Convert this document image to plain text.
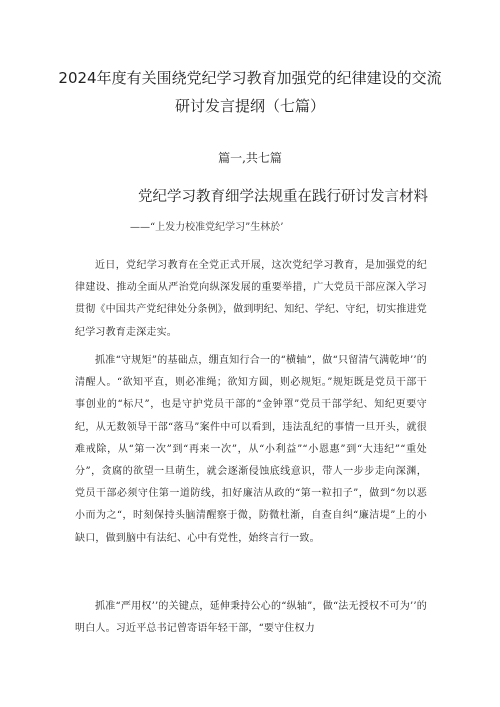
2024年度有关围绕党纪学习教育加强党的纪律建设的交流研讨发言提纲（七篇）
篇一,共七篇
党纪学习教育细学法规重在践行研讨发言材料
——“上发力校准党纪学习”生林於’

近日，党纪学习教育在全党正式开展，这次党纪学习教育，是加强党的纪律建设、推动全面从严治党向纵深发展的重要举措，广大党员干部应深入学习贯彻《中国共产党纪律处分条例》，做到明纪、知纪、学纪、守纪，切实推进党纪学习教育走深走实。

抓准“守规矩”的基础点，绷直知行合一的“横轴”，做“只留清气满乾坤’’的清醒人。“欲知平直，则必准绳；欲知方圆，则必规矩。”规矩既是党员干部干事创业的“标尺”，也是守护党员干部的“金钟罩”党员干部学纪、知纪更要守纪，从无数领导干部“落马”案件中可以看到，违法乱纪的事情一旦开头，就很难戒除，从“第一次”到“再来一次”，从“小利益”“小恩惠”到“大违纪”“重处分”，贪腐的欲望一旦萌生，就会逐渐侵蚀底线意识，带人一步步走向深渊，党员干部必须守住第一道防线，扣好廉洁从政的“第一粒扣子”，做到“勿以恶小而为之“，时刻保持头脑清醒察于微，防微杜渐，自查自纠“廉洁堤”上的小缺口，做到脑中有法纪、心中有党性，始终言行一致。

抓准“严用权’’的关键点，延伸秉持公心的“纵轴”，做“法无授权不可为’’的明白人。习近平总书记曾寄语年轻干部，“要守住权力
